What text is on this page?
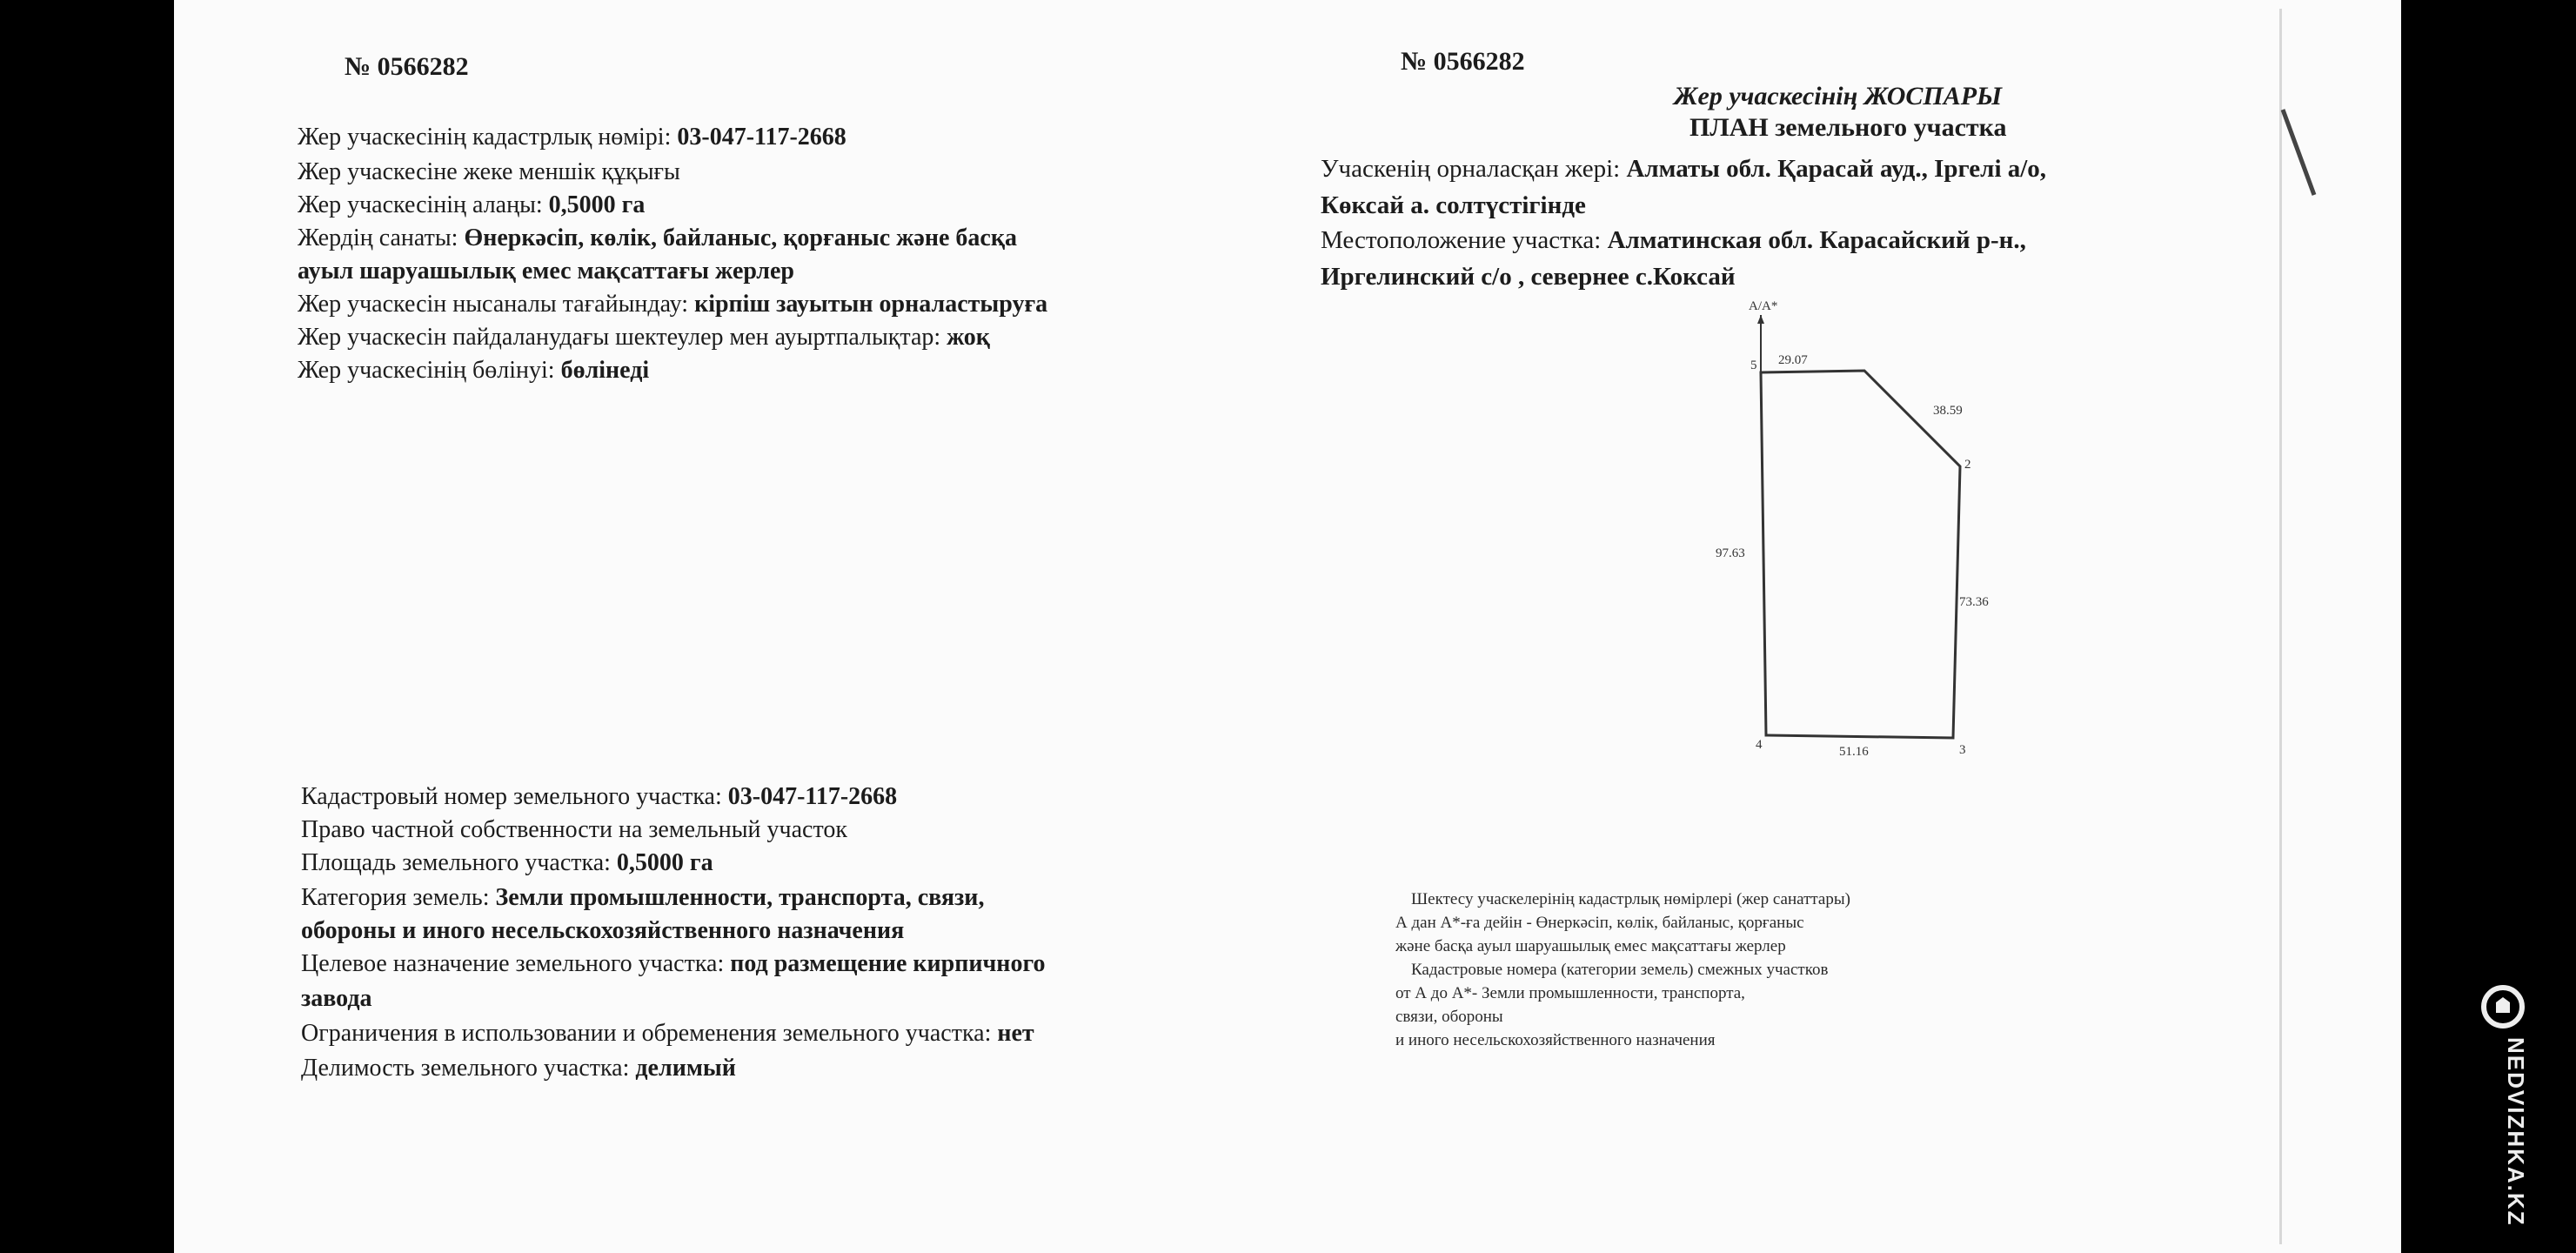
№ 0566282
Жер учаскесінің кадастрлық нөмірі: 03-047-117-2668
Жер учаскесіне жеке меншік құқығы
Жер учаскесінің алаңы: 0,5000 га
Жердің санаты: Өнеркәсіп, көлік, байланыс, қорғаныс және басқа
ауыл шаруашылық емес мақсаттағы жерлер
Жер учаскесін нысаналы тағайындау: кірпіш зауытын орналастыруға
Жер учаскесін пайдаланудағы шектеулер мен ауыртпалықтар: жоқ
Жер учаскесінің бөлінуі: бөлінеді
Кадастровый номер земельного участка: 03-047-117-2668
Право частной собственности на земельный участок
Площадь земельного участка: 0,5000 га
Категория земель: Земли промышленности, транспорта, связи,
обороны и иного несельскохозяйственного назначения
Целевое назначение земельного участка: под размещение кирпичного
завода
Ограничения в использовании и обременения земельного участка: нет
Делимость земельного участка: делимый
№ 0566282
Жер учаскесінің ЖОСПАРЫ
ПЛАН земельного участка
Учаскенің орналасқан жері: Алматы обл. Қарасай ауд., Іргелі а/о,
Көксай а. солтүстігінде
Местоположение участка: Алматинская обл. Карасайский р-н.,
Иргелинский с/о , севернее с.Коксай
А/А*
5
2
3
4
29.07
38.59
73.36
51.16
97.63
Шектесу учаскелерінің кадастрлық нөмірлері (жер санаттары)
А дан А*-ға дейін - Өнеркәсіп, көлік, байланыс, қорғаныс
және басқа ауыл шаруашылық емес мақсаттағы жерлер
Кадастровые номера (категории земель) смежных участков
от А до А*- Земли промышленности, транспорта,
связи, обороны
и иного несельскохозяйственного назначения	NEDVIZHKA.KZ
